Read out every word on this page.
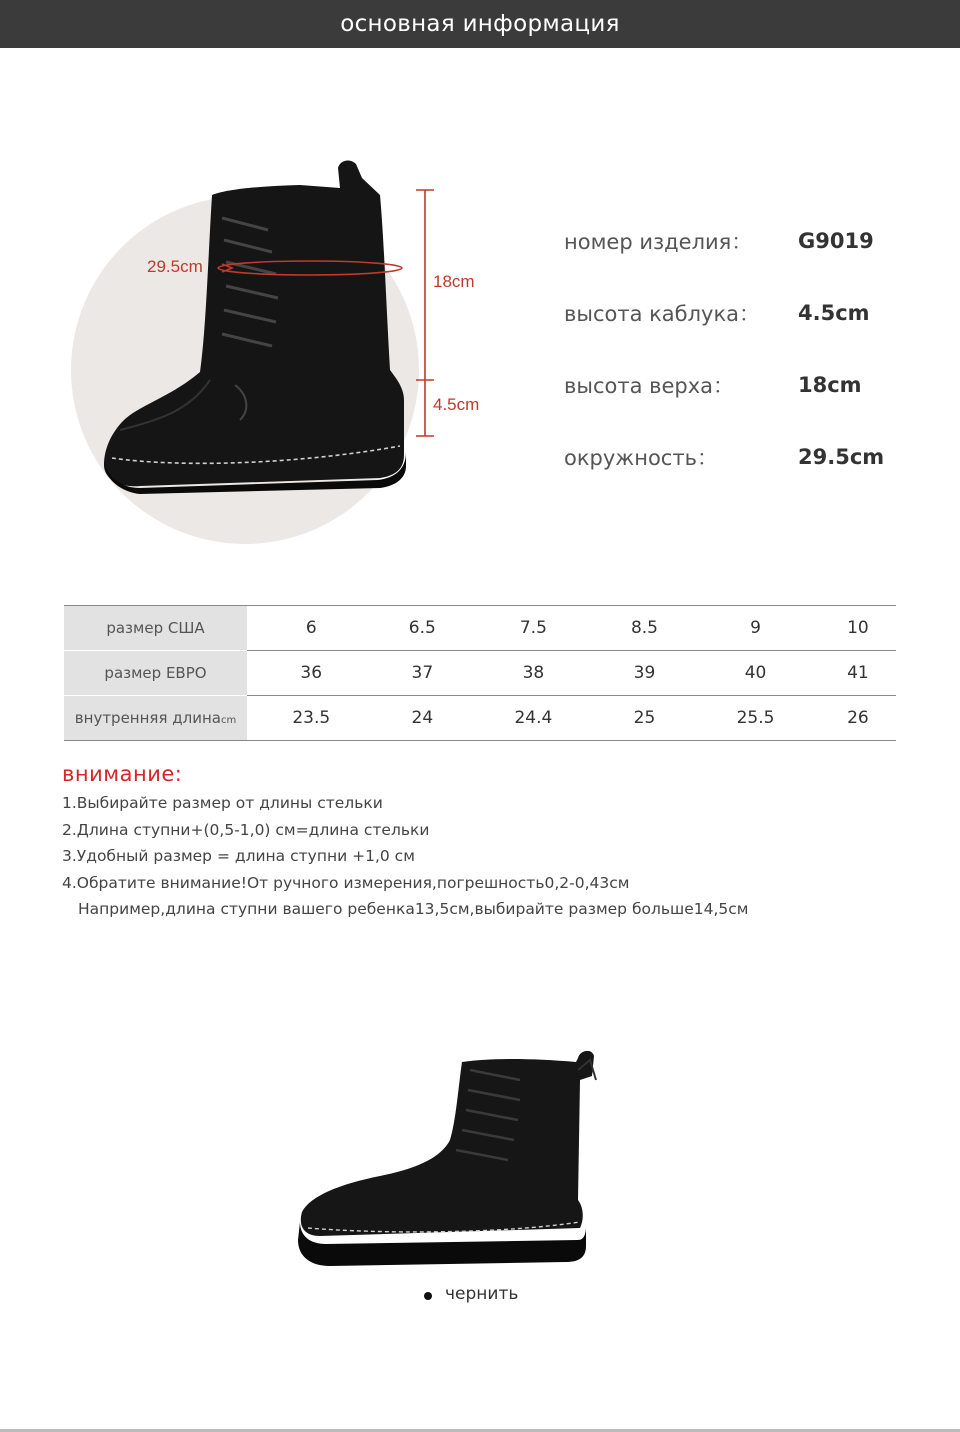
основная информация
29.5cm
18cm
4.5cm
номер изделия：	G9019
высота каблука：	4.5cm
высота верха：	18cm
окружность：	29.5cm
размер США	6	6.5	7.5	8.5	9	10
размер ЕВРО	36	37	38	39	40	41
внутренняя длинаcm	23.5	24	24.4	25	25.5	26
внимание:
1.Выбирайте размер от длины стельки
2.Длина ступни+(0,5-1,0) см=длина стельки
3.Удобный размер = длина ступни +1,0 см
4.Обратите внимание!От ручного измерения,погрешность0,2-0,43см
Например,длина ступни вашего ребенка13,5см,выбирайте размер больше14,5см
чернить
